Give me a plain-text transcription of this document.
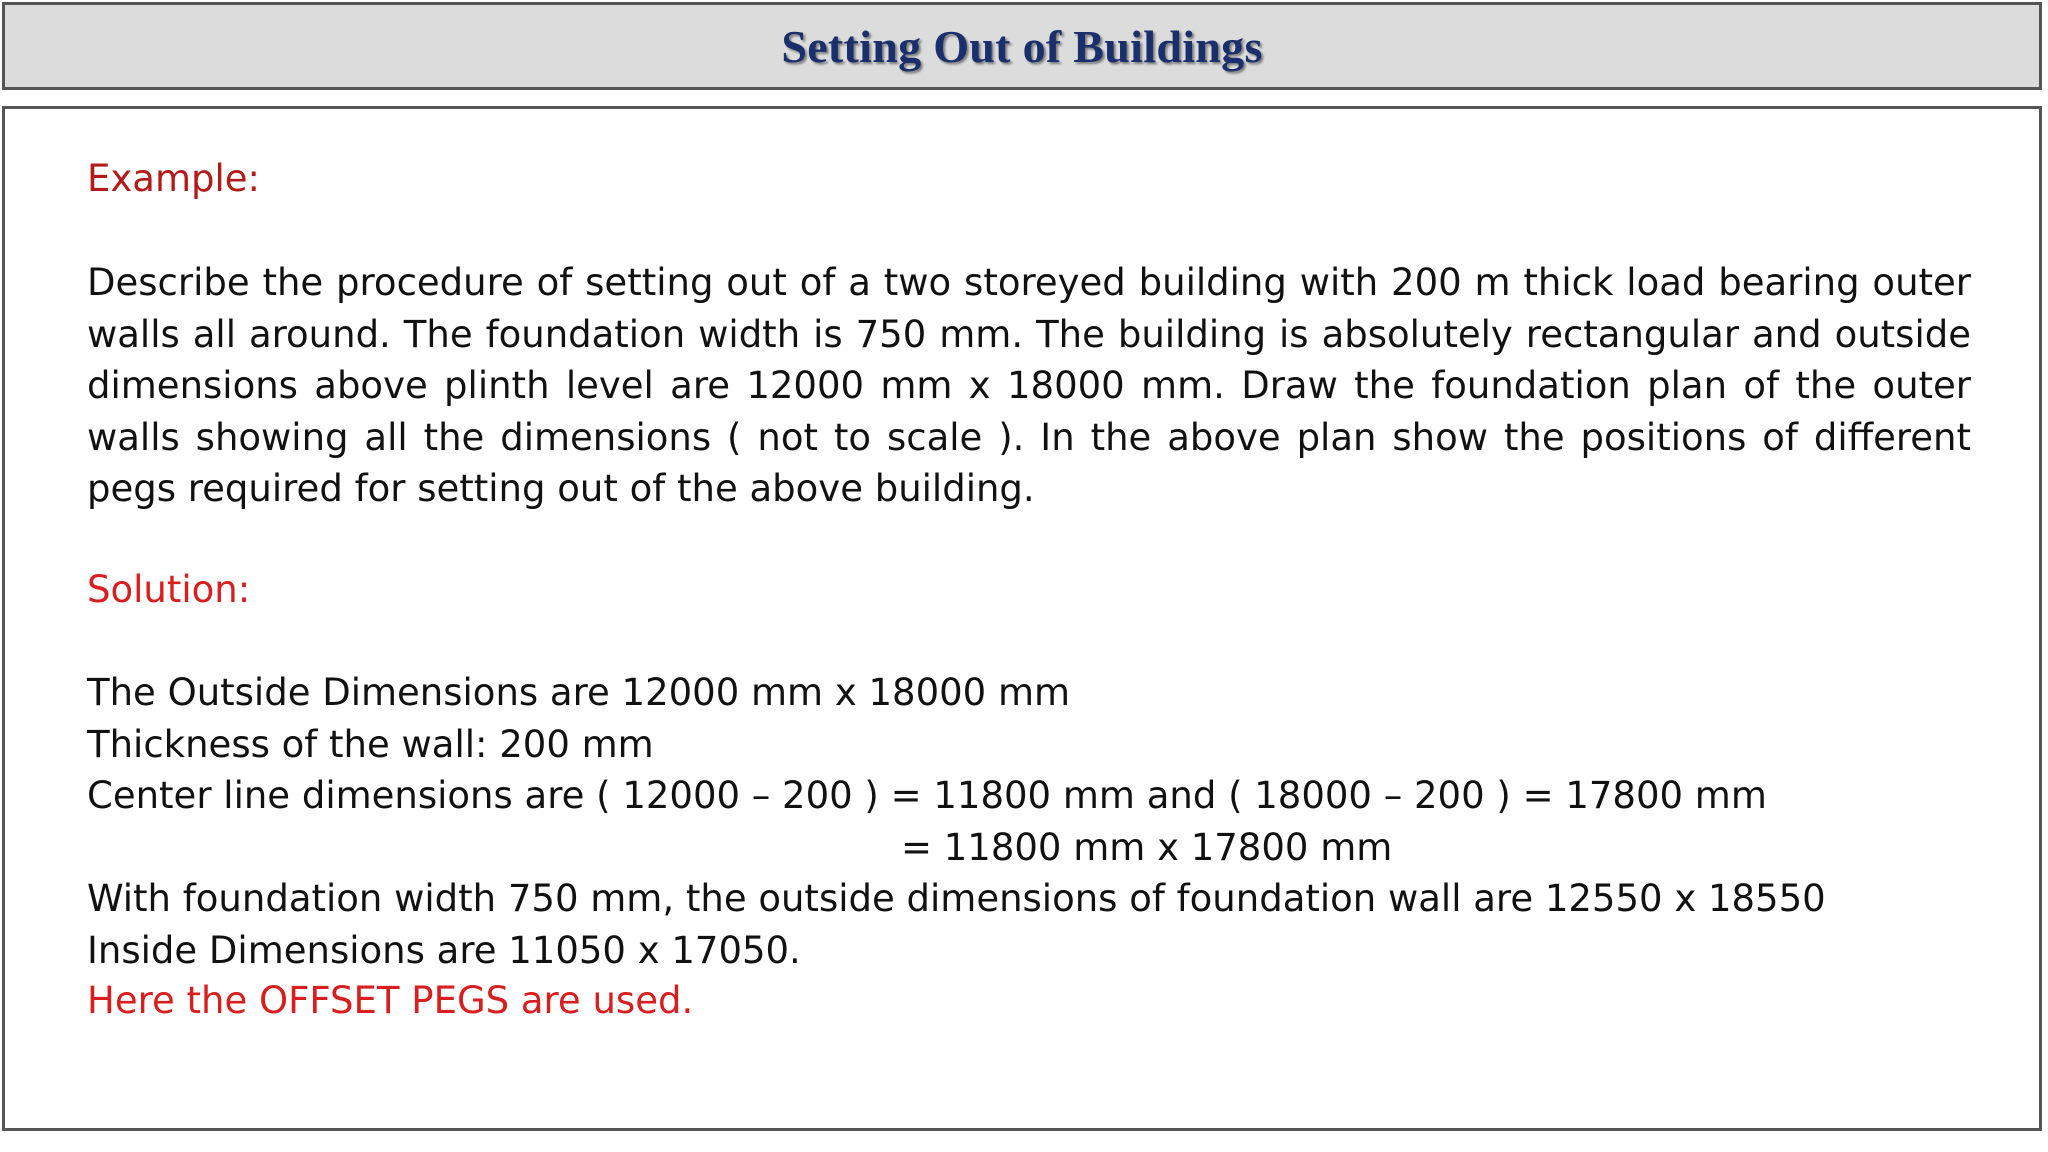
Setting Out of Buildings
Example:
Describe the procedure of setting out of a two storeyed building with 200 m thick load bearing outer walls all around. The foundation width is 750 mm. The building is absolutely rectangular and outside dimensions above plinth level are 12000 mm x 18000 mm. Draw the foundation plan of the outer walls showing all the dimensions ( not to scale ). In the above plan show the positions of different pegs required for setting out of the above building.
Solution:
The Outside Dimensions are 12000 mm x 18000 mm
Thickness of the wall: 200 mm
Center line dimensions are ( 12000 – 200 ) = 11800 mm and ( 18000 – 200 ) = 17800 mm
= 11800 mm x 17800 mm
With foundation width 750 mm, the outside dimensions of foundation wall are 12550 x 18550
Inside Dimensions are 11050 x 17050.
Here the OFFSET PEGS are used.
